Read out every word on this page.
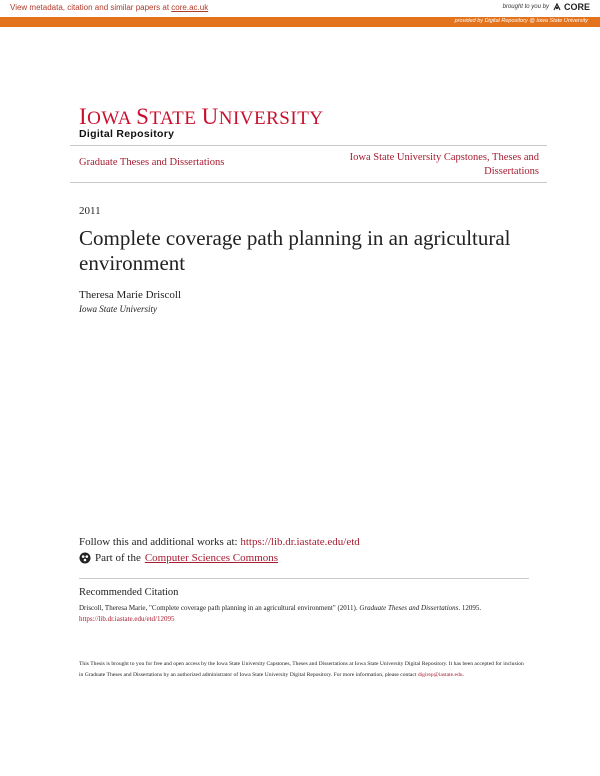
View metadata, citation and similar papers at core.ac.uk	brought to you by CORE
provided by Digital Repository @ Iowa State University
IOWA STATE UNIVERSITY
Digital Repository
Graduate Theses and Dissertations	Iowa State University Capstones, Theses and Dissertations
2011
Complete coverage path planning in an agricultural environment
Theresa Marie Driscoll
Iowa State University
Follow this and additional works at: https://lib.dr.iastate.edu/etd
Part of the Computer Sciences Commons
Recommended Citation
Driscoll, Theresa Marie, "Complete coverage path planning in an agricultural environment" (2011). Graduate Theses and Dissertations. 12095.
https://lib.dr.iastate.edu/etd/12095
This Thesis is brought to you for free and open access by the Iowa State University Capstones, Theses and Dissertations at Iowa State University Digital Repository. It has been accepted for inclusion in Graduate Theses and Dissertations by an authorized administrator of Iowa State University Digital Repository. For more information, please contact digirep@iastate.edu.
